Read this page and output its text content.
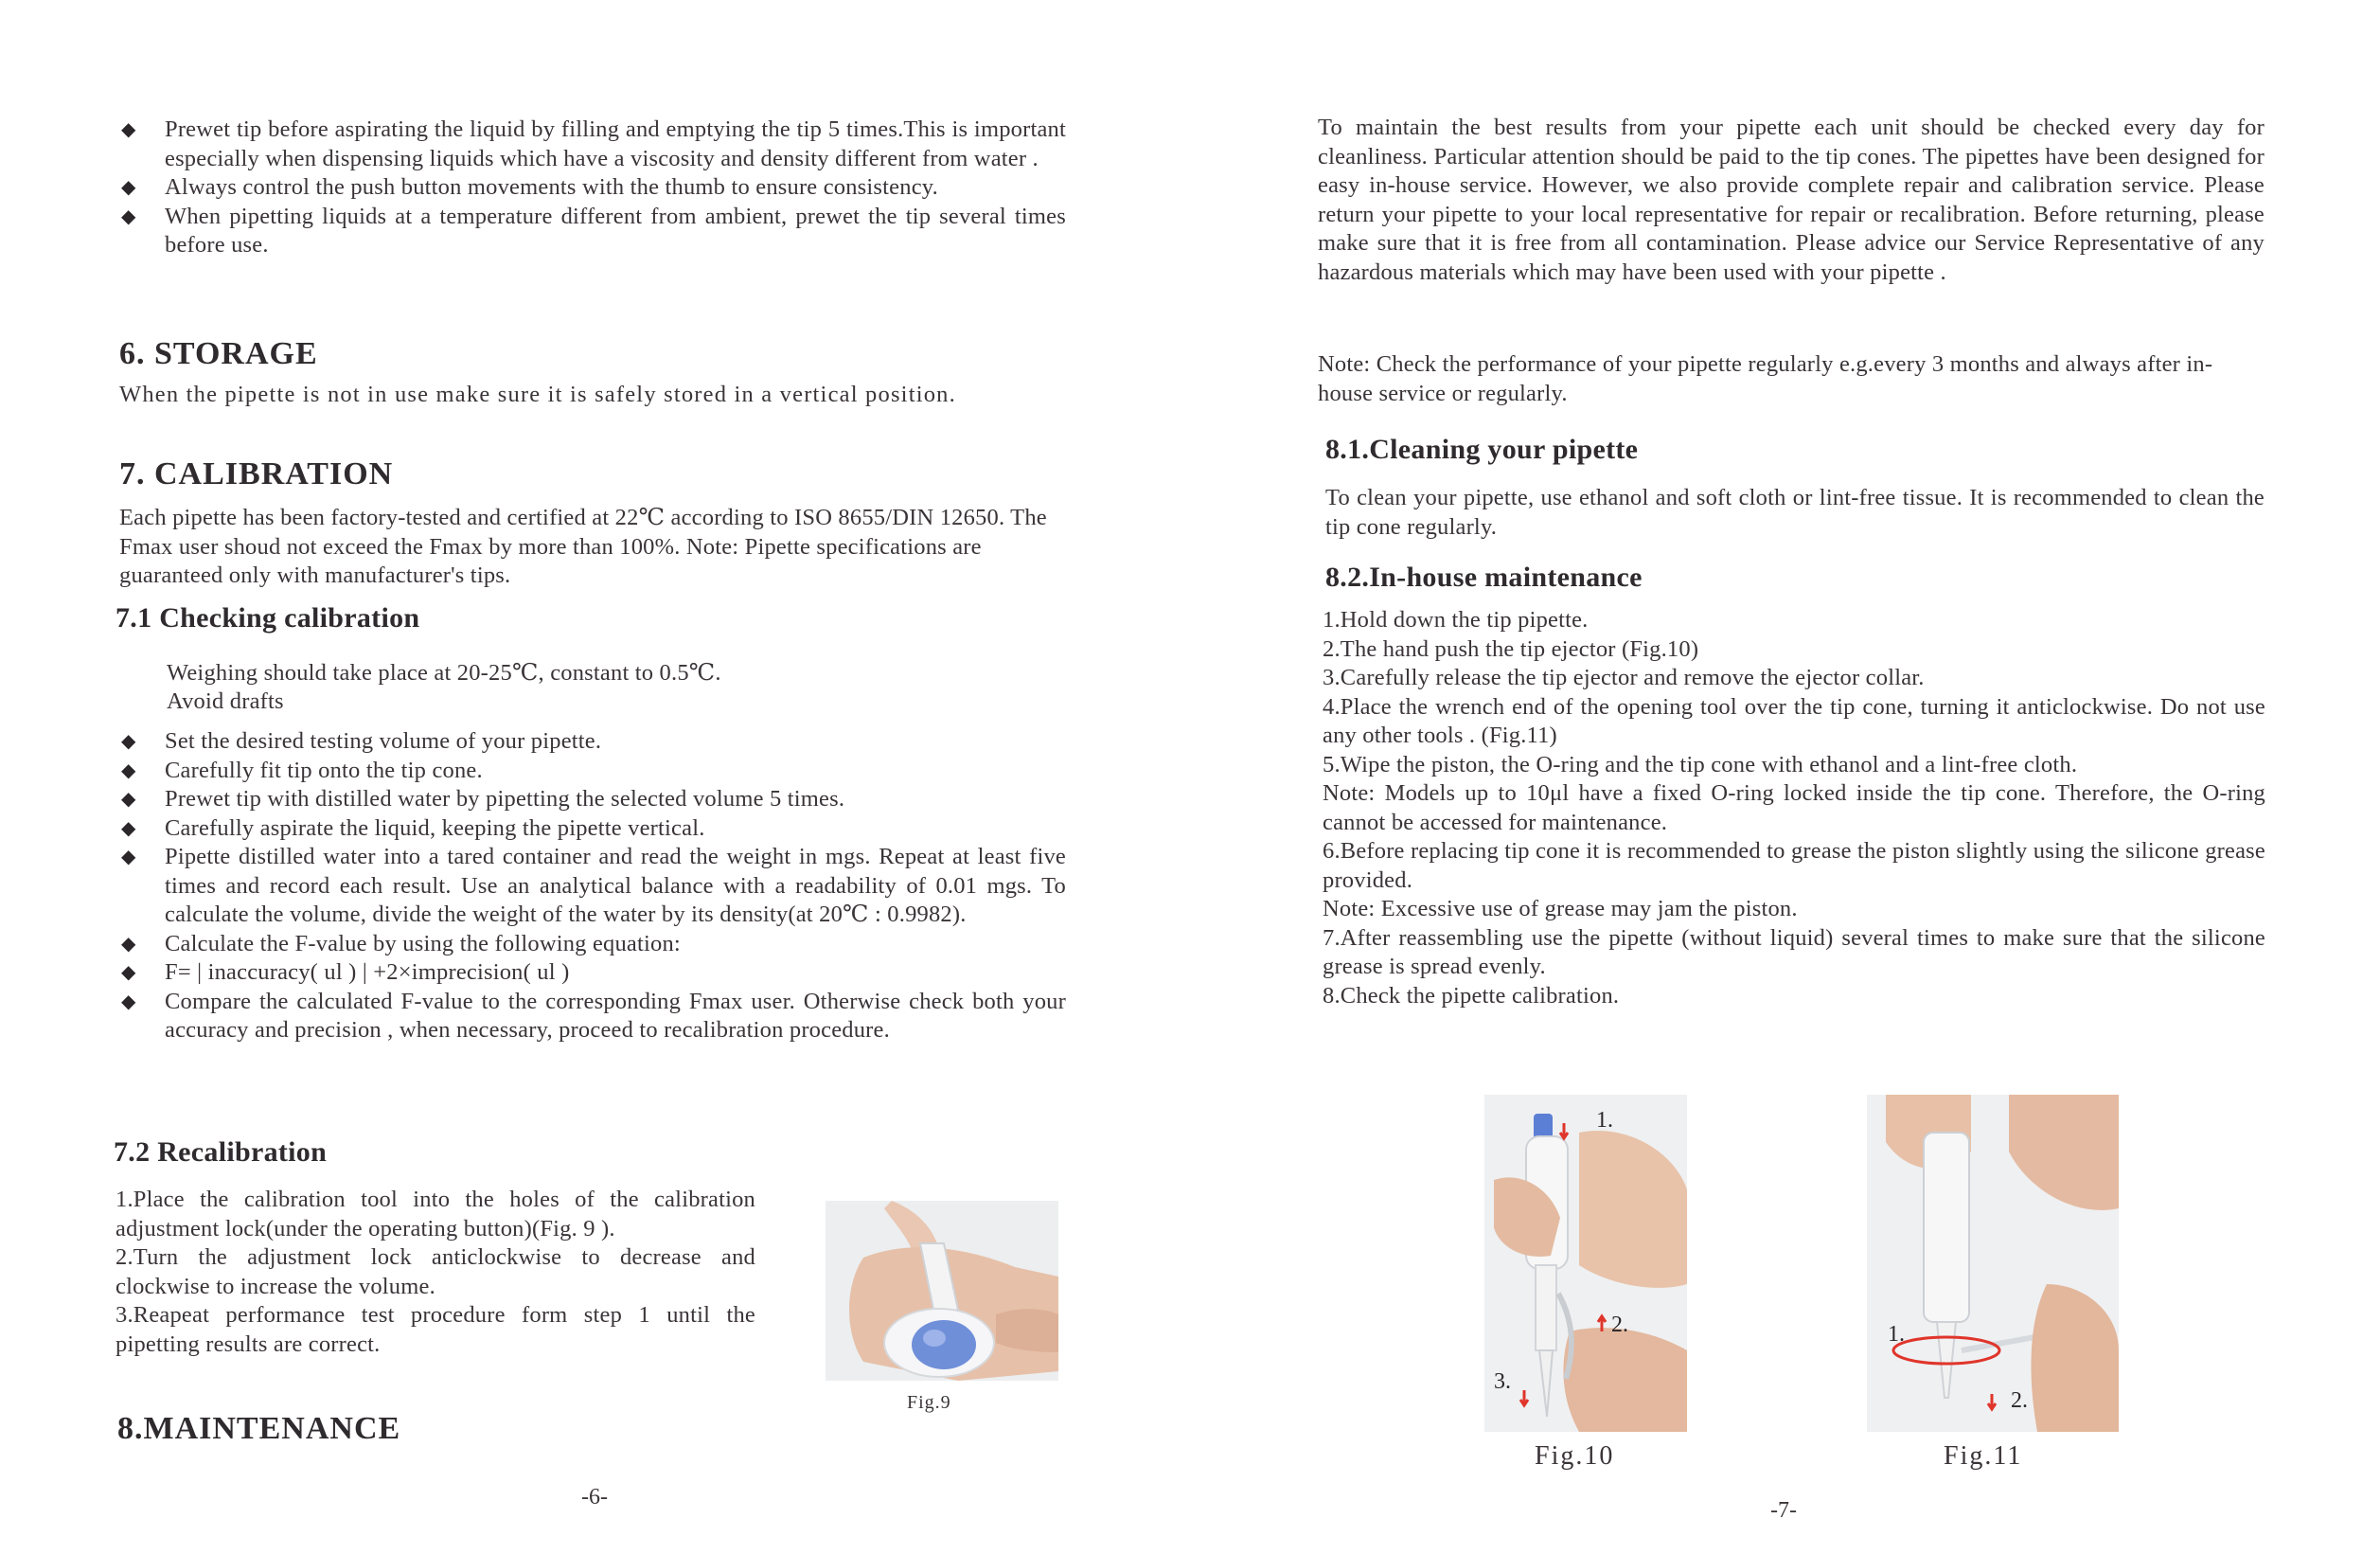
◆ Prewet tip before aspirating the liquid by filling and emptying the tip 5 times.This is important especially when dispensing liquids which have a viscosity and density different from water .
◆ Always control the push button movements with the thumb to ensure consistency.
◆ When pipetting liquids at a temperature different from ambient, prewet the tip several times before use.
6. STORAGE

When the pipette is not in use make sure it is safely stored in a vertical position.

7. CALIBRATION

Each pipette has been factory-tested and certified at 22℃ according to ISO 8655/DIN 12650. The Fmax user shoud not exceed the Fmax by more than 100%. Note: Pipette specifications are guaranteed only with manufacturer's tips.

7.1 Checking calibration

Weighing should take place at 20-25℃, constant to 0.5℃.

Avoid drafts

◆ Set the desired testing volume of your pipette.
◆ Carefully fit tip onto the tip cone.
◆ Prewet tip with distilled water by pipetting the selected volume 5 times.
◆ Carefully aspirate the liquid, keeping the pipette vertical.
◆ Pipette distilled water into a tared container and read the weight in mgs. Repeat at least five times and record each result. Use an analytical balance with a readability of 0.01 mgs. To calculate the volume, divide the weight of the water by its density(at 20℃ : 0.9982).
◆ Calculate the F-value by using the following equation:
◆ F= | inaccuracy( ul ) | +2×imprecision( ul )
◆ Compare the calculated F-value to the corresponding Fmax user. Otherwise check both your accuracy and precision , when necessary, proceed to recalibration procedure.
7.2 Recalibration
1.Place the calibration tool into the holes of the calibration adjustment lock(under the operating button)(Fig. 9 ).
2.Turn the adjustment lock anticlockwise to decrease and clockwise to increase the volume.
3.Reapeat performance test procedure form step 1 until the pipetting results are correct.
Fig.9
8.MAINTENANCE
-6-

To maintain the best results from your pipette each unit should be checked every day for cleanliness. Particular attention should be paid to the tip cones. The pipettes have been designed for easy in-house service. However, we also provide complete repair and calibration service. Please return your pipette to your local representative for repair or recalibration. Before returning, please make sure that it is free from all contamination. Please advice our Service Representative of any hazardous materials which may have been used with your pipette .

Note: Check the performance of your pipette regularly e.g.every 3 months and always after in-house service or regularly.

8.1.Cleaning your pipette

To clean your pipette, use ethanol and soft cloth or lint-free tissue. It is recommended to clean the tip cone regularly.

8.2.In-house maintenance
1.Hold down the tip pipette.
2.The hand push the tip ejector (Fig.10)
3.Carefully release the tip ejector and remove the ejector collar.
4.Place the wrench end of the opening tool over the tip cone, turning it anticlockwise. Do not use any other tools . (Fig.11)
5.Wipe the piston, the O-ring and the tip cone with ethanol and a lint-free cloth.
Note: Models up to 10μl have a fixed O-ring locked inside the tip cone. Therefore, the O-ring cannot be accessed for maintenance.
6.Before replacing tip cone it is recommended to grease the piston slightly using the silicone grease provided.
Note: Excessive use of grease may jam the piston.
7.After reassembling use the pipette (without liquid) several times to make sure that the silicone grease is spread evenly.
8.Check the pipette calibration.
1.
2.
3.
Fig.10
1.
2.
Fig.11
-7-
